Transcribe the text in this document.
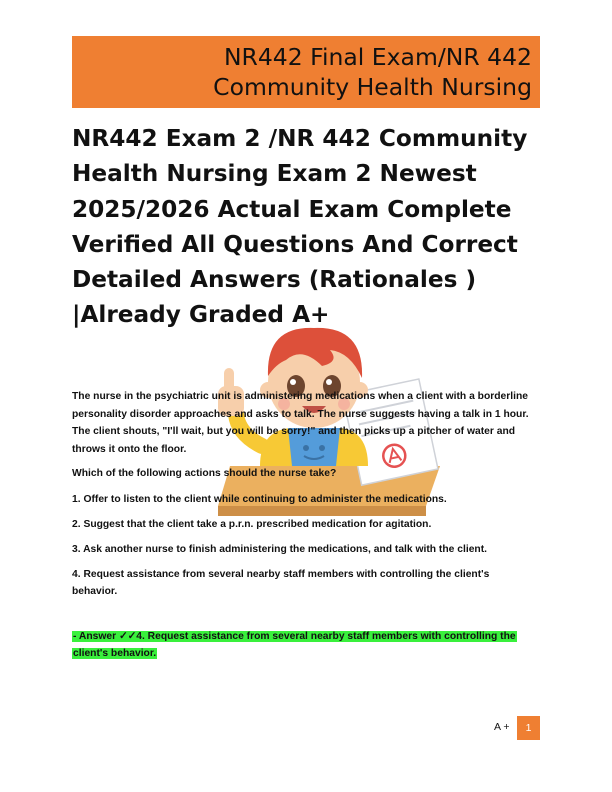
NR442 Final Exam/NR 442
Community Health Nursing
NR442 Exam 2 /NR 442 Community
Health Nursing Exam 2 Newest
2025/2026 Actual Exam Complete
Verified All Questions And Correct
Detailed Answers (Rationales )
|Already Graded A+

The nurse in the psychiatric unit is administering medications when a client with a borderline
personality disorder approaches and asks to talk. The nurse suggests having a talk in 1 hour.
The client shouts, "I'll wait, but you will be sorry!" and then picks up a pitcher of water and
throws it onto the floor.

Which of the following actions should the nurse take?
1. Offer to listen to the client while continuing to administer the medications.
2. Suggest that the client take a p.r.n. prescribed medication for agitation.
3. Ask another nurse to finish administering the medications, and talk with the client.
4. Request assistance from several nearby staff members with controlling the client's
behavior.
- Answer ✓✓4. Request assistance from several nearby staff members with controlling the
client's behavior.
A +	1
